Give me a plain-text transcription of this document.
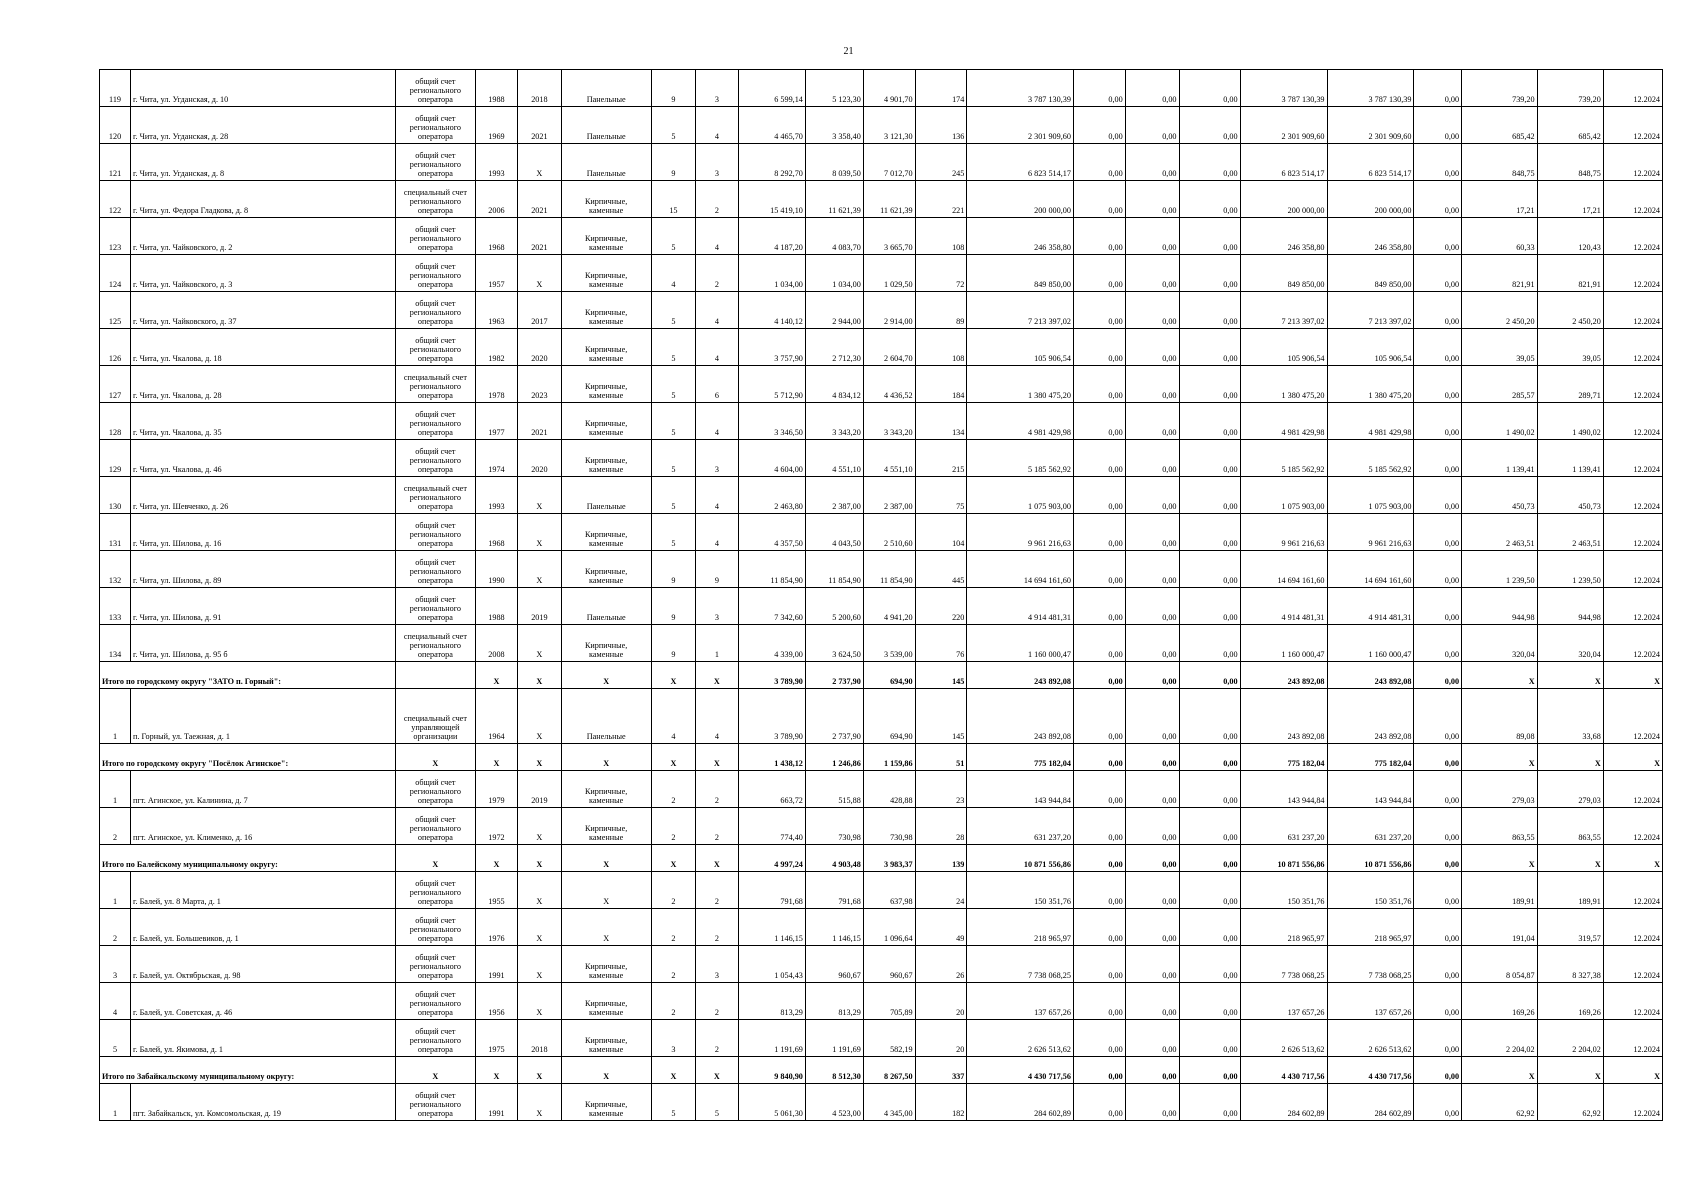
21
119	г. Чита, ул. Угданская, д. 10	общий счет
регионального
оператора	1988	2018	Панельные	9	3	6 599,14	5 123,30	4 901,70	174	3 787 130,39	0,00	0,00	0,00	3 787 130,39	3 787 130,39	0,00	739,20	739,20	12.2024
120	г. Чита, ул. Угданская, д. 28	общий счет
регионального
оператора	1969	2021	Панельные	5	4	4 465,70	3 358,40	3 121,30	136	2 301 909,60	0,00	0,00	0,00	2 301 909,60	2 301 909,60	0,00	685,42	685,42	12.2024
121	г. Чита, ул. Угданская, д. 8	общий счет
регионального
оператора	1993	X	Панельные	9	3	8 292,70	8 039,50	7 012,70	245	6 823 514,17	0,00	0,00	0,00	6 823 514,17	6 823 514,17	0,00	848,75	848,75	12.2024
122	г. Чита, ул. Федора Гладкова, д. 8	специальный счет
регионального
оператора	2006	2021	Кирпичные,
каменные	15	2	15 419,10	11 621,39	11 621,39	221	200 000,00	0,00	0,00	0,00	200 000,00	200 000,00	0,00	17,21	17,21	12.2024
123	г. Чита, ул. Чайковского, д. 2	общий счет
регионального
оператора	1968	2021	Кирпичные,
каменные	5	4	4 187,20	4 083,70	3 665,70	108	246 358,80	0,00	0,00	0,00	246 358,80	246 358,80	0,00	60,33	120,43	12.2024
124	г. Чита, ул. Чайковского, д. 3	общий счет
регионального
оператора	1957	X	Кирпичные,
каменные	4	2	1 034,00	1 034,00	1 029,50	72	849 850,00	0,00	0,00	0,00	849 850,00	849 850,00	0,00	821,91	821,91	12.2024
125	г. Чита, ул. Чайковского, д. 37	общий счет
регионального
оператора	1963	2017	Кирпичные,
каменные	5	4	4 140,12	2 944,00	2 914,00	89	7 213 397,02	0,00	0,00	0,00	7 213 397,02	7 213 397,02	0,00	2 450,20	2 450,20	12.2024
126	г. Чита, ул. Чкалова, д. 18	общий счет
регионального
оператора	1982	2020	Кирпичные,
каменные	5	4	3 757,90	2 712,30	2 604,70	108	105 906,54	0,00	0,00	0,00	105 906,54	105 906,54	0,00	39,05	39,05	12.2024
127	г. Чита, ул. Чкалова, д. 28	специальный счет
регионального
оператора	1978	2023	Кирпичные,
каменные	5	6	5 712,90	4 834,12	4 436,52	184	1 380 475,20	0,00	0,00	0,00	1 380 475,20	1 380 475,20	0,00	285,57	289,71	12.2024
128	г. Чита, ул. Чкалова, д. 35	общий счет
регионального
оператора	1977	2021	Кирпичные,
каменные	5	4	3 346,50	3 343,20	3 343,20	134	4 981 429,98	0,00	0,00	0,00	4 981 429,98	4 981 429,98	0,00	1 490,02	1 490,02	12.2024
129	г. Чита, ул. Чкалова, д. 46	общий счет
регионального
оператора	1974	2020	Кирпичные,
каменные	5	3	4 604,00	4 551,10	4 551,10	215	5 185 562,92	0,00	0,00	0,00	5 185 562,92	5 185 562,92	0,00	1 139,41	1 139,41	12.2024
130	г. Чита, ул. Шевченко, д. 26	специальный счет
регионального
оператора	1993	X	Панельные	5	4	2 463,80	2 387,00	2 387,00	75	1 075 903,00	0,00	0,00	0,00	1 075 903,00	1 075 903,00	0,00	450,73	450,73	12.2024
131	г. Чита, ул. Шилова, д. 16	общий счет
регионального
оператора	1968	X	Кирпичные,
каменные	5	4	4 357,50	4 043,50	2 510,60	104	9 961 216,63	0,00	0,00	0,00	9 961 216,63	9 961 216,63	0,00	2 463,51	2 463,51	12.2024
132	г. Чита, ул. Шилова, д. 89	общий счет
регионального
оператора	1990	X	Кирпичные,
каменные	9	9	11 854,90	11 854,90	11 854,90	445	14 694 161,60	0,00	0,00	0,00	14 694 161,60	14 694 161,60	0,00	1 239,50	1 239,50	12.2024
133	г. Чита, ул. Шилова, д. 91	общий счет
регионального
оператора	1988	2019	Панельные	9	3	7 342,60	5 200,60	4 941,20	220	4 914 481,31	0,00	0,00	0,00	4 914 481,31	4 914 481,31	0,00	944,98	944,98	12.2024
134	г. Чита, ул. Шилова, д. 95 б	специальный счет
регионального
оператора	2008	X	Кирпичные,
каменные	9	1	4 339,00	3 624,50	3 539,00	76	1 160 000,47	0,00	0,00	0,00	1 160 000,47	1 160 000,47	0,00	320,04	320,04	12.2024
Итого по городскому округу "ЗАТО п. Горный":			X	X	X	X	X	3 789,90	2 737,90	694,90	145	243 892,08	0,00	0,00	0,00	243 892,08	243 892,08	0,00	X	X	X
1	п. Горный, ул. Таежная, д. 1	специальный счет
управляющей
организации	1964	X	Панельные	4	4	3 789,90	2 737,90	694,90	145	243 892,08	0,00	0,00	0,00	243 892,08	243 892,08	0,00	89,08	33,68	12.2024
Итого по городскому округу "Посёлок Агинское":		X	X	X	X	X	X	1 438,12	1 246,86	1 159,86	51	775 182,04	0,00	0,00	0,00	775 182,04	775 182,04	0,00	X	X	X
1	пгт. Агинское, ул. Калинина, д. 7	общий счет
регионального
оператора	1979	2019	Кирпичные,
каменные	2	2	663,72	515,88	428,88	23	143 944,84	0,00	0,00	0,00	143 944,84	143 944,84	0,00	279,03	279,03	12.2024
2	пгт. Агинское, ул. Клименко, д. 16	общий счет
регионального
оператора	1972	X	Кирпичные,
каменные	2	2	774,40	730,98	730,98	28	631 237,20	0,00	0,00	0,00	631 237,20	631 237,20	0,00	863,55	863,55	12.2024
Итого по Балейскому муниципальному округу:		X	X	X	X	X	X	4 997,24	4 903,48	3 983,37	139	10 871 556,86	0,00	0,00	0,00	10 871 556,86	10 871 556,86	0,00	X	X	X
1	г. Балей, ул. 8 Марта, д. 1	общий счет
регионального
оператора	1955	X	X	2	2	791,68	791,68	637,98	24	150 351,76	0,00	0,00	0,00	150 351,76	150 351,76	0,00	189,91	189,91	12.2024
2	г. Балей, ул. Большевиков, д. 1	общий счет
регионального
оператора	1976	X	X	2	2	1 146,15	1 146,15	1 096,64	49	218 965,97	0,00	0,00	0,00	218 965,97	218 965,97	0,00	191,04	319,57	12.2024
3	г. Балей, ул. Октябрьская, д. 98	общий счет
регионального
оператора	1991	X	Кирпичные,
каменные	2	3	1 054,43	960,67	960,67	26	7 738 068,25	0,00	0,00	0,00	7 738 068,25	7 738 068,25	0,00	8 054,87	8 327,38	12.2024
4	г. Балей, ул. Советская, д. 46	общий счет
регионального
оператора	1956	X	Кирпичные,
каменные	2	2	813,29	813,29	705,89	20	137 657,26	0,00	0,00	0,00	137 657,26	137 657,26	0,00	169,26	169,26	12.2024
5	г. Балей, ул. Якимова, д. 1	общий счет
регионального
оператора	1975	2018	Кирпичные,
каменные	3	2	1 191,69	1 191,69	582,19	20	2 626 513,62	0,00	0,00	0,00	2 626 513,62	2 626 513,62	0,00	2 204,02	2 204,02	12.2024
Итого по Забайкальскому муниципальному округу:		X	X	X	X	X	X	9 840,90	8 512,30	8 267,50	337	4 430 717,56	0,00	0,00	0,00	4 430 717,56	4 430 717,56	0,00	X	X	X
1	пгт. Забайкальск, ул. Комсомольская, д. 19	общий счет
регионального
оператора	1991	X	Кирпичные,
каменные	5	5	5 061,30	4 523,00	4 345,00	182	284 602,89	0,00	0,00	0,00	284 602,89	284 602,89	0,00	62,92	62,92	12.2024
